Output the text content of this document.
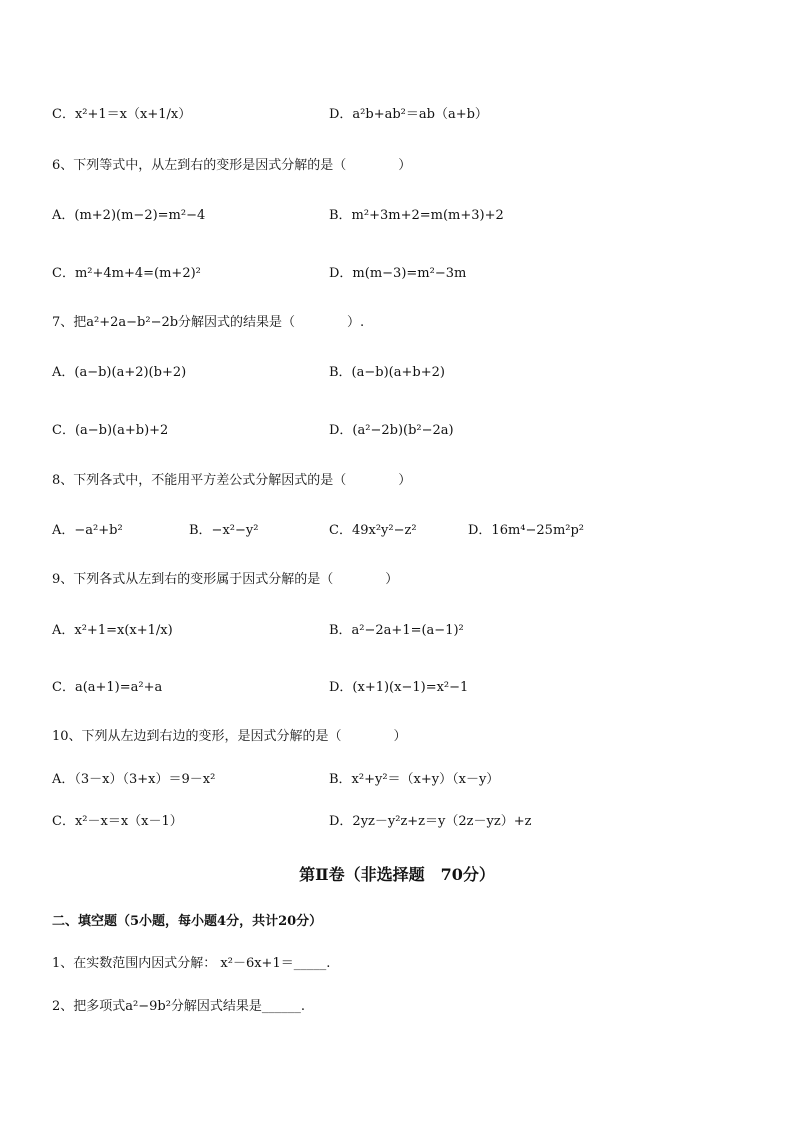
C．x²+1＝x（x+1/x）	D．a²b+ab²＝ab（a+b）
6、下列等式中，从左到右的变形是因式分解的是（　　　　）
A．(m+2)(m−2)=m²−4	B．m²+3m+2=m(m+3)+2
C．m²+4m+4=(m+2)²	D．m(m−3)=m²−3m
7、把a²+2a−b²−2b分解因式的结果是（　　　　）.
A．(a−b)(a+2)(b+2)	B．(a−b)(a+b+2)
C．(a−b)(a+b)+2	D．(a²−2b)(b²−2a)
8、下列各式中，不能用平方差公式分解因式的是（　　　　）
A．−a²+b²	B．−x²−y²	C．49x²y²−z²	D．16m⁴−25m²p²
9、下列各式从左到右的变形属于因式分解的是（　　　　）
A．x²+1=x(x+1/x)	B．a²−2a+1=(a−1)²
C．a(a+1)=a²+a	D．(x+1)(x−1)=x²−1
10、下列从左边到右边的变形，是因式分解的是（　　　　）
A．（3－x）（3+x）＝9－x²	B．x²+y²＝（x+y）（x－y）
C．x²－x＝x（x－1）	D．2yz－y²z+z＝y（2z－yz）+z
第Ⅱ卷（非选择题　70分）
二、填空题（5小题，每小题4分，共计20分）
1、在实数范围内因式分解： x²－6x+1＝_____.
2、把多项式a²−9b²分解因式结果是______.
